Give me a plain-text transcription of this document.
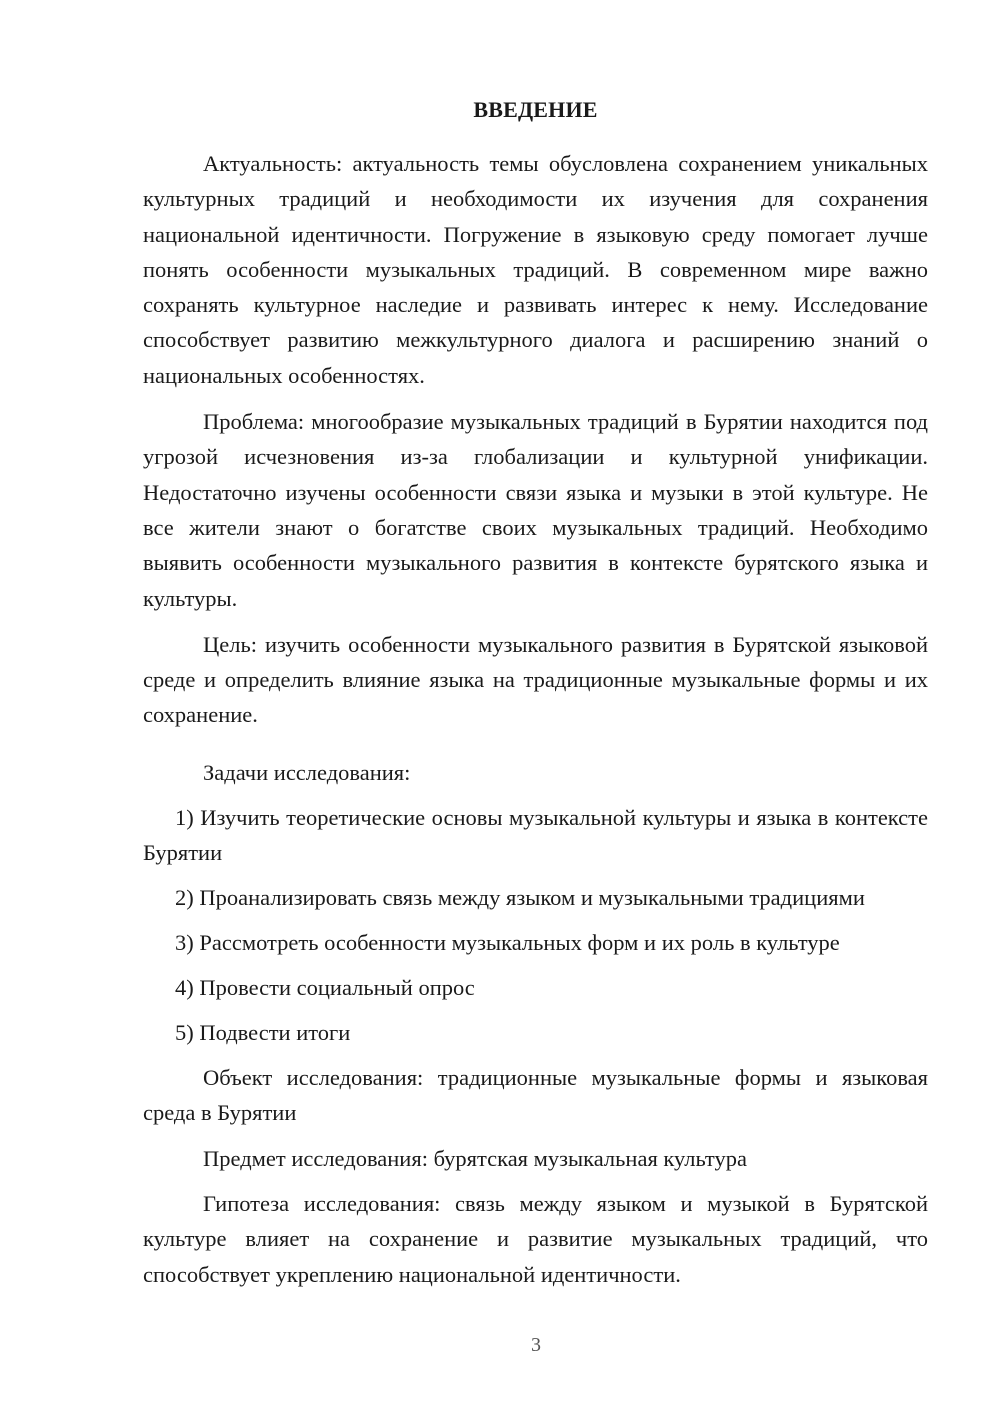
ВВЕДЕНИЕ

Актуальность: актуальность темы обусловлена сохранением уникальных культурных традиций и необходимости их изучения для сохранения национальной идентичности. Погружение в языковую среду помогает лучше понять особенности музыкальных традиций. В современном мире важно сохранять культурное наследие и развивать интерес к нему. Исследование способствует развитию межкультурного диалога и расширению знаний о национальных особенностях.

Проблема: многообразие музыкальных традиций в Бурятии находится под угрозой исчезновения из-за глобализации и культурной унификации. Недостаточно изучены особенности связи языка и музыки в этой культуре. Не все жители знают о богатстве своих музыкальных традиций. Необходимо выявить особенности музыкального развития в контексте бурятского языка и культуры.

Цель: изучить особенности музыкального развития в Бурятской языковой среде и определить влияние языка на традиционные музыкальные формы и их сохранение.

Задачи исследования:

1) Изучить теоретические основы музыкальной культуры и языка в контексте Бурятии

2) Проанализировать связь между языком и музыкальными традициями

3) Рассмотреть особенности музыкальных форм и их роль в культуре

4) Провести социальный опрос

5) Подвести итоги

Объект исследования: традиционные музыкальные формы и языковая среда в Бурятии

Предмет исследования: бурятская музыкальная культура

Гипотеза исследования: связь между языком и музыкой в Бурятской культуре влияет на сохранение и развитие музыкальных традиций, что способствует укреплению национальной идентичности.

3
